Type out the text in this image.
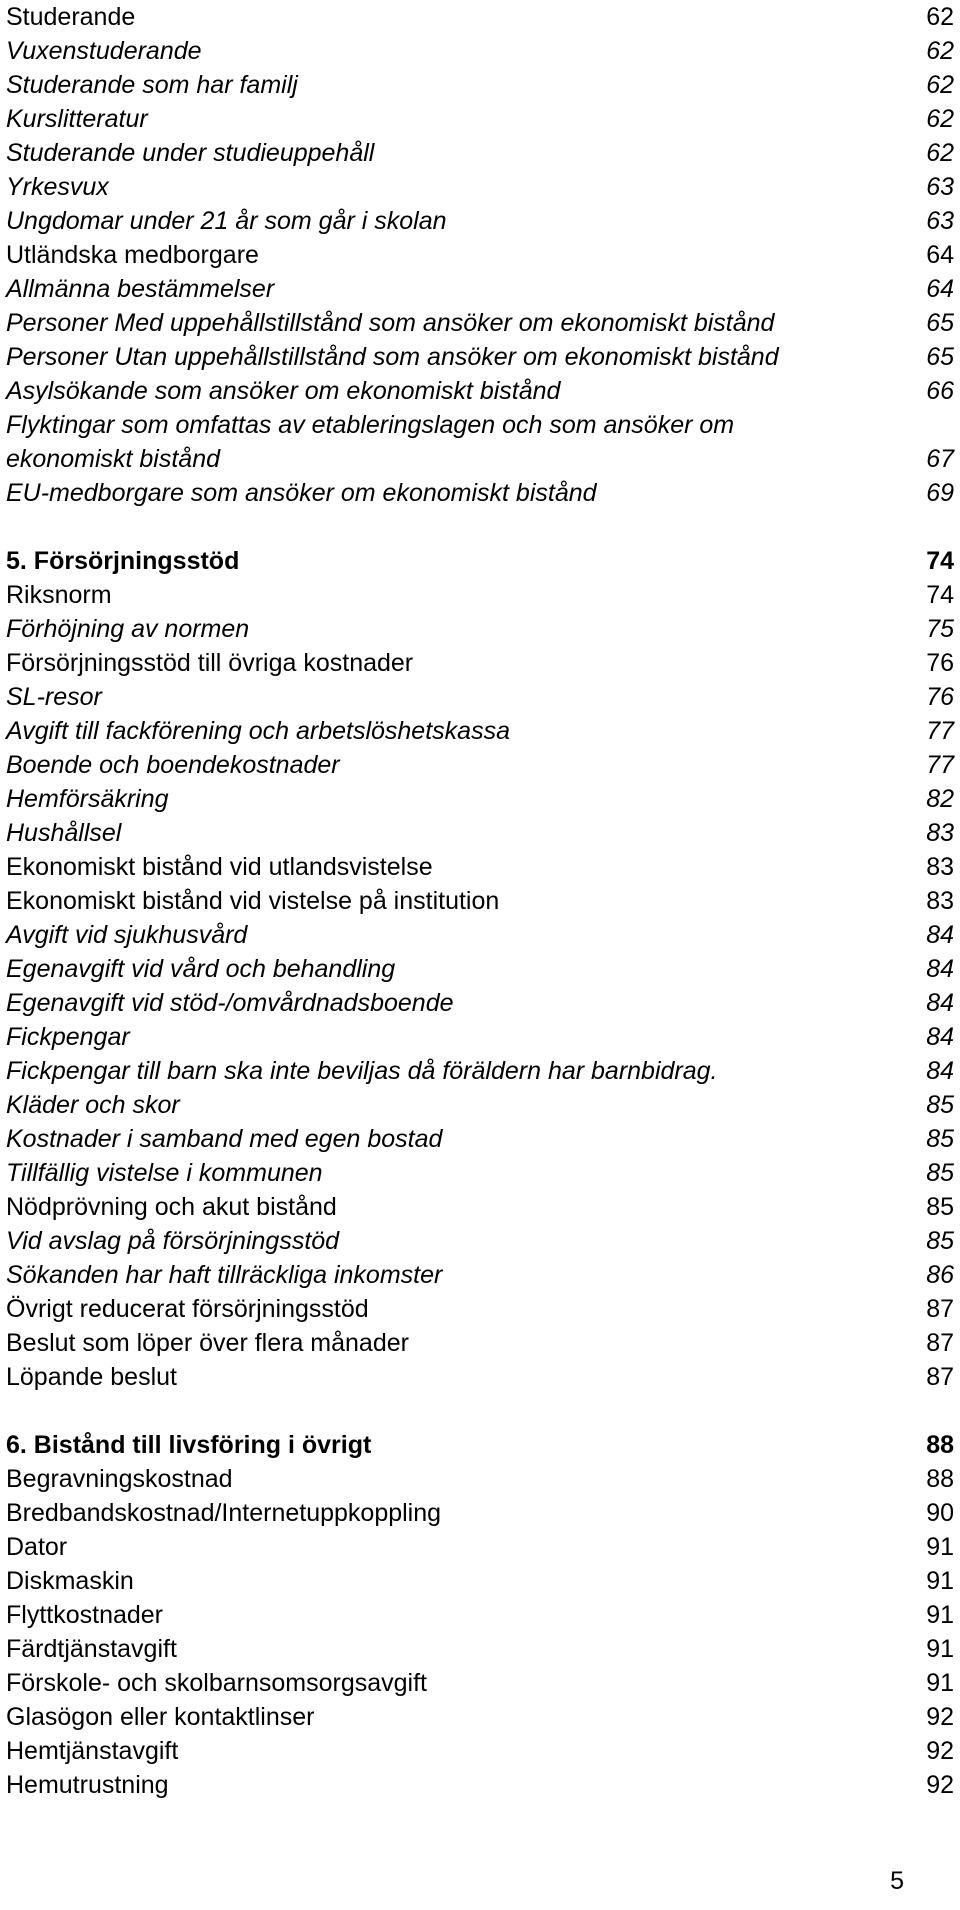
Studerande	62
Vuxenstuderande	62
Studerande som har familj	62
Kurslitteratur	62
Studerande under studieuppehåll	62
Yrkesvux	63
Ungdomar under 21 år som går i skolan	63
Utländska medborgare	64
Allmänna bestämmelser	64
Personer Med uppehållstillstånd som ansöker om ekonomiskt bistånd	65
Personer Utan uppehållstillstånd som ansöker om ekonomiskt bistånd	65
Asylsökande som ansöker om ekonomiskt bistånd	66
Flyktingar som omfattas av etableringslagen och som ansöker om ekonomiskt bistånd	67
EU-medborgare som ansöker om ekonomiskt bistånd	69
5. Försörjningsstöd	74
Riksnorm	74
Förhöjning av normen	75
Försörjningsstöd till övriga kostnader	76
SL-resor	76
Avgift till fackförening och arbetslöshetskassa	77
Boende och boendekostnader	77
Hemförsäkring	82
Hushållsel	83
Ekonomiskt bistånd vid utlandsvistelse	83
Ekonomiskt bistånd vid vistelse på institution	83
Avgift vid sjukhusvård	84
Egenavgift vid vård och behandling	84
Egenavgift vid stöd-/omvårdnadsboende	84
Fickpengar	84
Fickpengar till barn ska inte beviljas då föräldern har barnbidrag.	84
Kläder och skor	85
Kostnader i samband med egen bostad	85
Tillfällig vistelse i kommunen	85
Nödprövning och akut bistånd	85
Vid avslag på försörjningsstöd	85
Sökanden har haft tillräckliga inkomster	86
Övrigt reducerat försörjningsstöd	87
Beslut som löper över flera månader	87
Löpande beslut	87
6. Bistånd till livsföring i övrigt	88
Begravningskostnad	88
Bredbandskostnad/Internetuppkoppling	90
Dator	91
Diskmaskin	91
Flyttkostnader	91
Färdtjänstavgift	91
Förskole- och skolbarnsomsorgsavgift	91
Glasögon eller kontaktlinser	92
Hemtjänstavgift	92
Hemutrustning	92
5
